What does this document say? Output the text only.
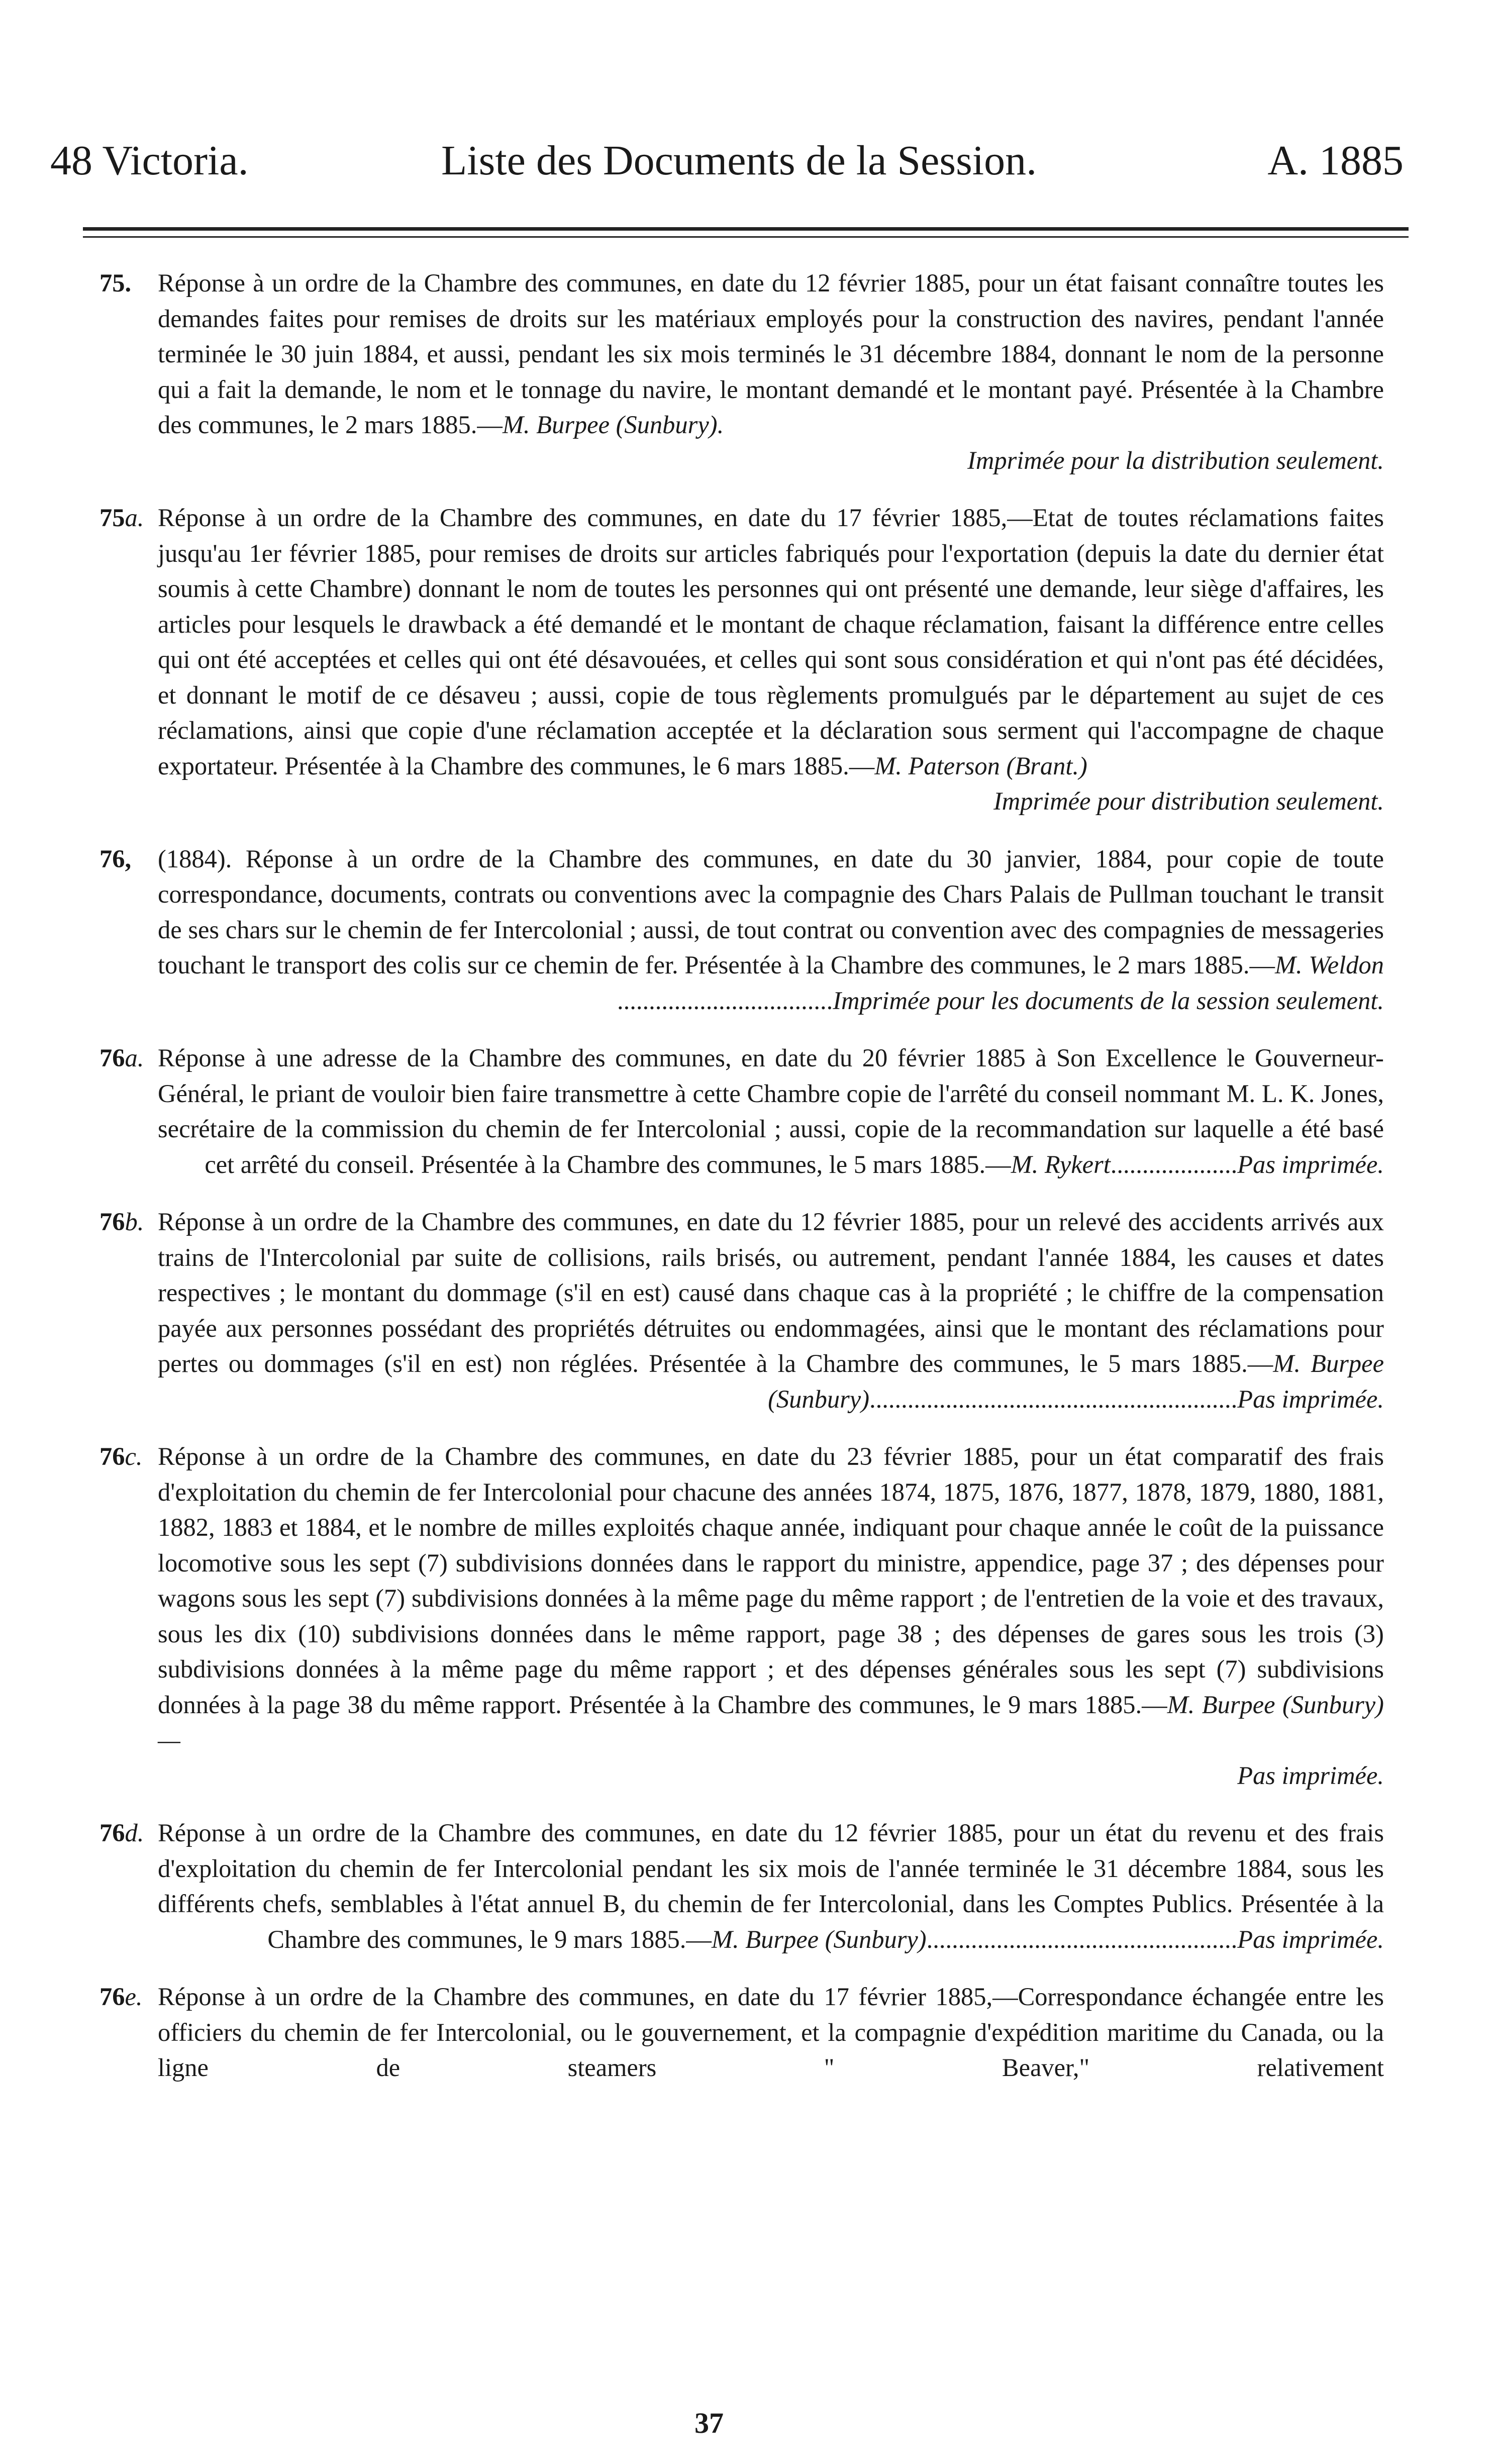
48 Victoria.	Liste des Documents de la Session.	A. 1885
75. Réponse à un ordre de la Chambre des communes, en date du 12 février 1885, pour un état faisant connaître toutes les demandes faites pour remises de droits sur les matériaux employés pour la construction des navires, pendant l'année terminée le 30 juin 1884, et aussi, pendant les six mois terminés le 31 décembre 1884, donnant le nom de la personne qui a fait la demande, le nom et le tonnage du navire, le montant demandé et le montant payé. Présentée à la Chambre des communes, le 2 mars 1885.—M. Burpee (Sunbury).

Imprimée pour la distribution seulement.

75a. Réponse à un ordre de la Chambre des communes, en date du 17 février 1885,—Etat de toutes réclamations faites jusqu'au 1er février 1885, pour remises de droits sur articles fabriqués pour l'exportation (depuis la date du dernier état soumis à cette Chambre) donnant le nom de toutes les personnes qui ont présenté une demande, leur siège d'affaires, les articles pour lesquels le drawback a été demandé et le montant de chaque réclamation, faisant la différence entre celles qui ont été acceptées et celles qui ont été désavouées, et celles qui sont sous considération et qui n'ont pas été décidées, et donnant le motif de ce désaveu ; aussi, copie de tous règlements promulgués par le département au sujet de ces réclamations, ainsi que copie d'une réclamation acceptée et la déclaration sous serment qui l'accompagne de chaque exportateur. Présentée à la Chambre des communes, le 6 mars 1885.—M. Paterson (Brant.)

Imprimée pour distribution seulement.

76, (1884). Réponse à un ordre de la Chambre des communes, en date du 30 janvier, 1884, pour copie de toute correspondance, documents, contrats ou conventions avec la compagnie des Chars Palais de Pullman touchant le transit de ses chars sur le chemin de fer Intercolonial ; aussi, de tout contrat ou convention avec des compagnies de messageries touchant le transport des colis sur ce chemin de fer. Présentée à la Chambre des communes, le 2 mars 1885.—M. Weldon ..................................Imprimée pour les documents de la session seulement.

76a. Réponse à une adresse de la Chambre des communes, en date du 20 février 1885 à Son Excellence le Gouverneur-Général, le priant de vouloir bien faire transmettre à cette Chambre copie de l'arrêté du conseil nommant M. L. K. Jones, secrétaire de la commission du chemin de fer Intercolonial ; aussi, copie de la recommandation sur laquelle a été basé cet arrêté du conseil. Présentée à la Chambre des communes, le 5 mars 1885.—M. Rykert....................Pas imprimée.

76b. Réponse à un ordre de la Chambre des communes, en date du 12 février 1885, pour un relevé des accidents arrivés aux trains de l'Intercolonial par suite de collisions, rails brisés, ou autrement, pendant l'année 1884, les causes et dates respectives ; le montant du dommage (s'il en est) causé dans chaque cas à la propriété ; le chiffre de la compensation payée aux personnes possédant des propriétés détruites ou endommagées, ainsi que le montant des réclamations pour pertes ou dommages (s'il en est) non réglées. Présentée à la Chambre des communes, le 5 mars 1885.—M. Burpee (Sunbury)..........................................................Pas imprimée.

76c. Réponse à un ordre de la Chambre des communes, en date du 23 février 1885, pour un état comparatif des frais d'exploitation du chemin de fer Intercolonial pour chacune des années 1874, 1875, 1876, 1877, 1878, 1879, 1880, 1881, 1882, 1883 et 1884, et le nombre de milles exploités chaque année, indiquant pour chaque année le coût de la puissance locomotive sous les sept (7) subdivisions données dans le rapport du ministre, appendice, page 37 ; des dépenses pour wagons sous les sept (7) subdivisions données à la même page du même rapport ; de l'entretien de la voie et des travaux, sous les dix (10) subdivisions données dans le même rapport, page 38 ; des dépenses de gares sous les trois (3) subdivisions données à la même page du même rapport ; et des dépenses générales sous les sept (7) subdivisions données à la page 38 du même rapport. Présentée à la Chambre des communes, le 9 mars 1885.—M. Burpee (Sunbury)—

Pas imprimée.

76d. Réponse à un ordre de la Chambre des communes, en date du 12 février 1885, pour un état du revenu et des frais d'exploitation du chemin de fer Intercolonial pendant les six mois de l'année terminée le 31 décembre 1884, sous les différents chefs, semblables à l'état annuel B, du chemin de fer Intercolonial, dans les Comptes Publics. Présentée à la Chambre des communes, le 9 mars 1885.—M. Burpee (Sunbury).................................................Pas imprimée.

76e. Réponse à un ordre de la Chambre des communes, en date du 17 février 1885,—Correspondance échangée entre les officiers du chemin de fer Intercolonial, ou le gouvernement, et la compagnie d'expédition maritime du Canada, ou la ligne de steamers " Beaver," relativement

37
